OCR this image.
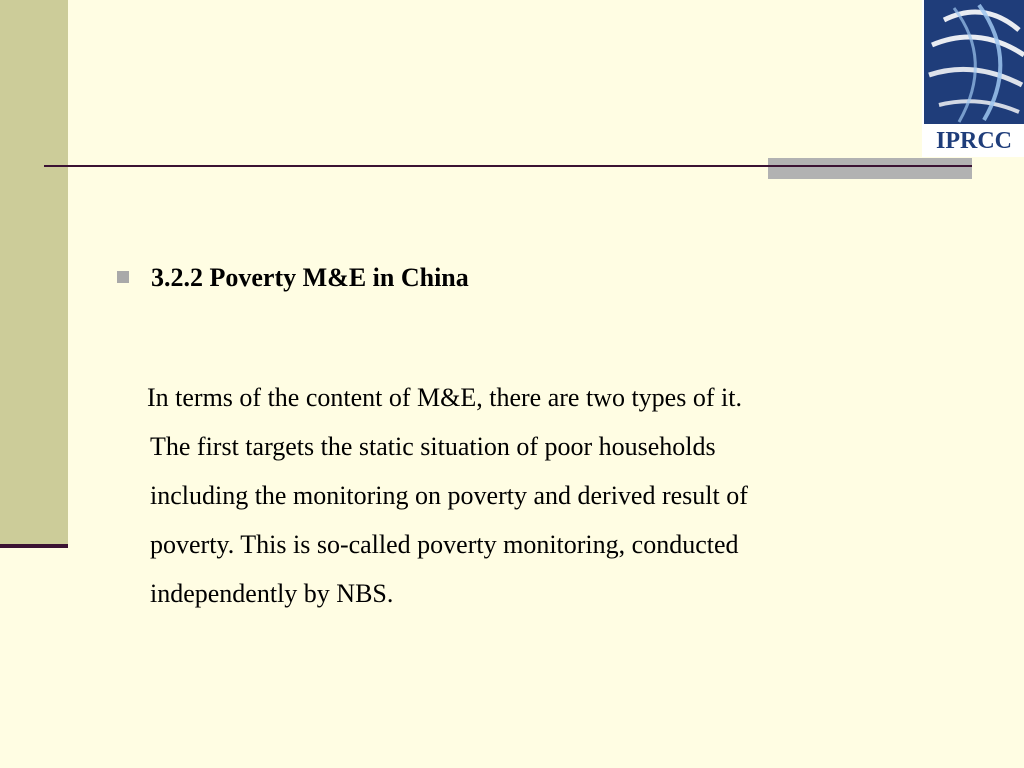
IPRCC
3.2.2 Poverty M&E in China
In terms of the content of M&E, there are two types of it.
The first targets the static situation of poor households
including the monitoring on poverty and derived result of
poverty. This is so-called poverty monitoring, conducted
independently by NBS.
